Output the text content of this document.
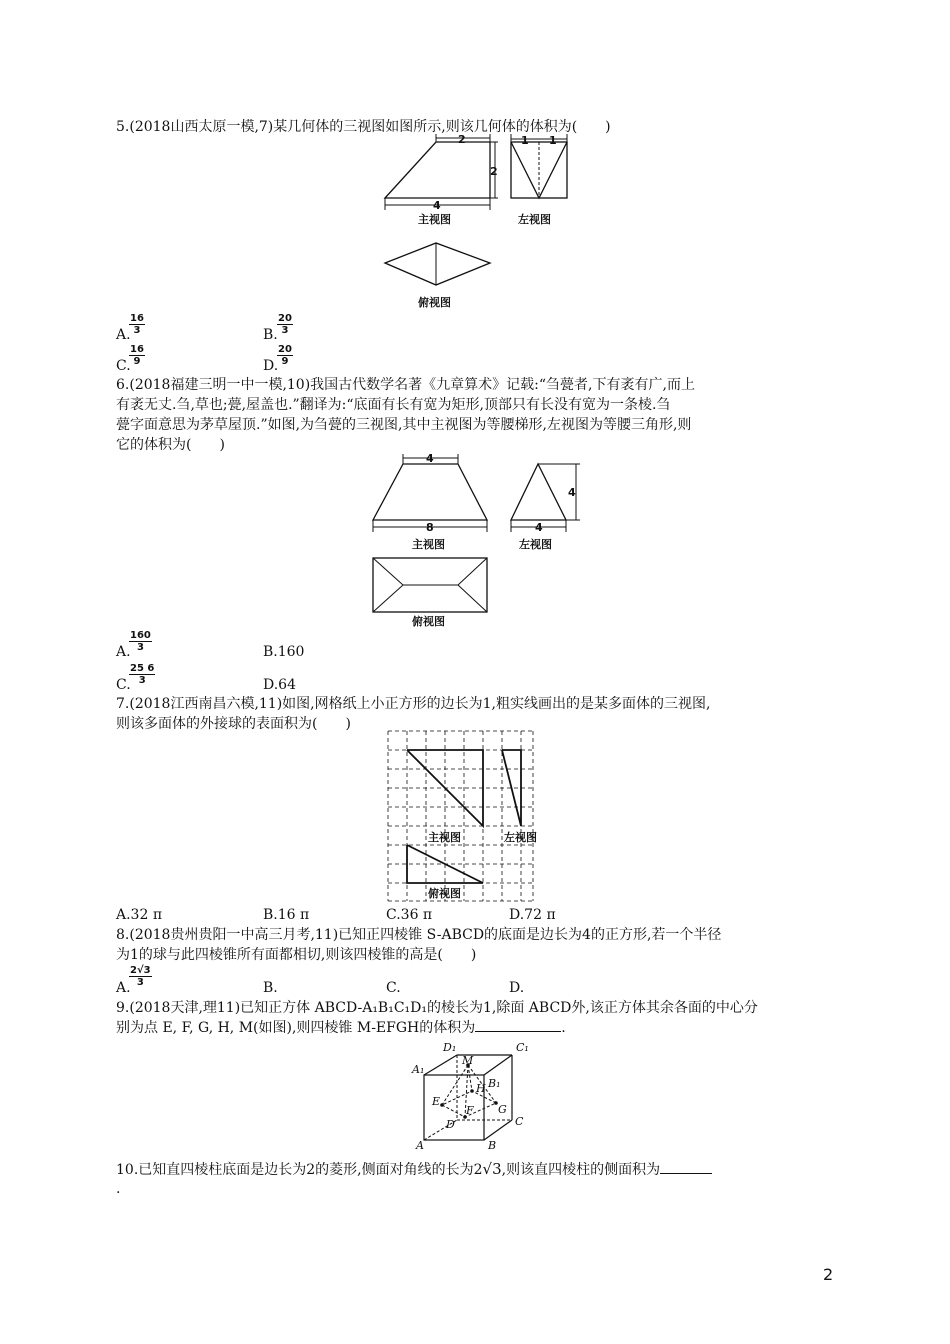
5.(2018山西太原一模,7)某几何体的三视图如图所示,则该几何体的体积为(　　)
2
2
4
主视图
1 1
左视图
俯视图
A.
$\frac{16}{3}$	B. $\frac{20}{3}$
C.
$\frac{16}{9}$	D.
$\frac{20}{9}$
6.(2018福建三明一中一模,10)我国古代数学名著《九章算术》记载:“刍甍者,下有袤有广,而上
有袤无丈.刍,草也;甍,屋盖也.”翻译为:“底面有长有宽为矩形,顶部只有长没有宽为一条棱.刍
甍字面意思为茅草屋顶.”如图,为刍甍的三视图,其中主视图为等腰梯形,左视图为等腰三角形,则
它的体积为(　　)
4
8
主视图
4
4
左视图
俯视图
A.
$\frac{160}{3}$	B.160
C.
$\frac{25 6}{3}$	D.64
7.(2018江西南昌六模,11)如图,网格纸上小正方形的边长为1,粗实线画出的是某多面体的三视图,
则该多面体的外接球的表面积为(　　)
主视图	左视图
俯视图
A.32 π	B.16 π	C.36 π	D.72 π
8.(2018贵州贵阳一中高三月考,11)已知正四棱锥 S-ABCD的底面是边长为4的正方形,若一个半径
为1的球与此四棱锥所有面都相切,则该四棱锥的高是(　　)
A.
$\frac{2√3}{3}$	B.	C.	D.
9.(2018天津,理11)已知正方体 ABCD-A₁B₁C₁D₁的棱长为1,除面 ABCD外,该正方体其余各面的中心分
别为点 E, F, G, H, M(如图),则四棱锥 M-EFGH的体积为	.
D₁	C₁
A₁
B₁
M
H
E
F G
D	C
A	B
10.已知直四棱柱底面是边长为2的菱形,侧面对角线的长为2√3,则该直四棱柱的侧面积为
.
2
